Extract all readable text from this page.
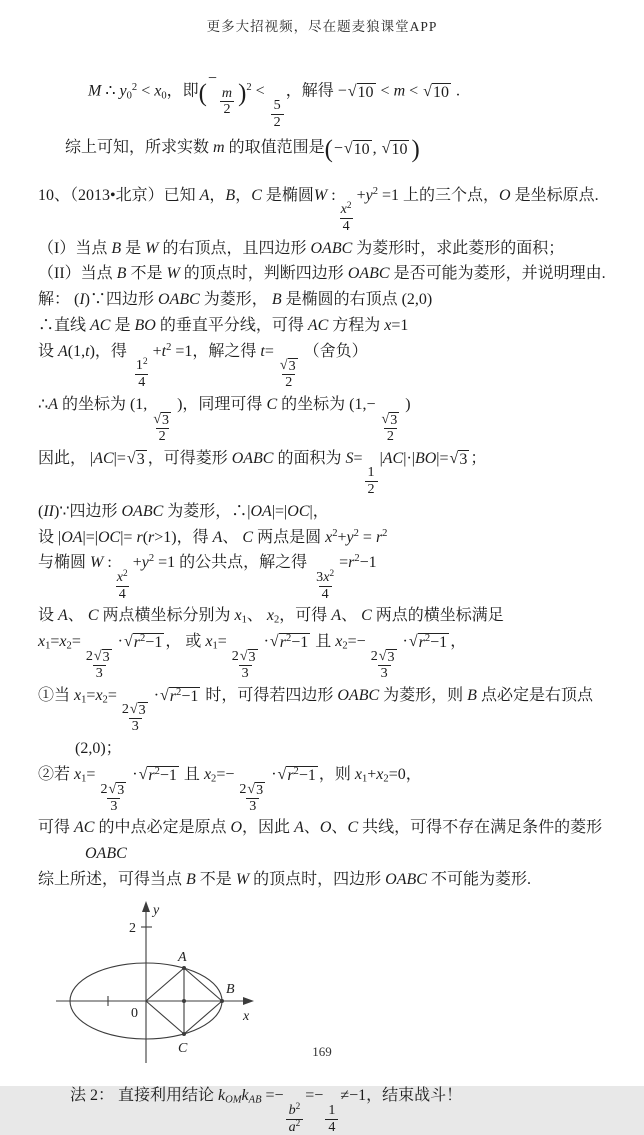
更多大招视频，尽在题麦狼课堂APP
M ∴ $y_0^2 < x_0$，即 (
−
$\frac{m}{2}$ ) $^2$ <
$\frac{5}{2}$
，解得 − √ 10 < m < √ 10 .
综上可知，所求实数 m 的取值范围是 ( − √ 10 , √ 10 )
10、（2013•北京）已知 A，B，C 是椭圆W :
$\frac{x^2}{4}$
$+y^2 =1$ 上的三个点，O 是坐标原点.
（I）当点 B 是 W 的右顶点，且四边形 OABC 为菱形时，求此菱形的面积；
（II）当点 B 不是 W 的顶点时，判断四边形 OABC 是否可能为菱形，并说明理由.
解： (I)∵四边形 OABC 为菱形， B 是椭圆的右顶点 (2,0)
∴直线 AC 是 BO 的垂直平分线，可得 AC 方程为 x=1
设 A(1,t)，得
$\frac{1^2}{4}$
$+t^2 =1$，解之得 t=
$\frac{√ 3}{2}$
（舍负）
∴A 的坐标为 (1,
$\frac{√ 3}{2}$
)，同理可得 C 的坐标为 (1,−
$\frac{√ 3}{2}$
)
因此， |AC|= √ 3 ，可得菱形 OABC 的面积为 S=
$\frac{1}{2}$
|AC|·|BO|= √ 3 ；
(II)∵四边形 OABC 为菱形，∴|OA|=|OC|，
设 |OA|=|OC|= r(r>1)，得 A、 C 两点是圆 $x^2+y^2 = r^2$
与椭圆 W :
$\frac{x^2}{4}$
$+y^2 =1$ 的公共点，解之得
$\frac{3x^2}{4}$
$=r^2-1$
设 A、 C 两点横坐标分别为 $x_1$、 $x_2$，可得 A、 C 两点的横坐标满足
$x_1=x_2=$
$\frac{2 √ 3}{3}$
· √ $r^2-1$ ， 或 $x_1=$
$\frac{2 √ 3}{3}$
· √ $r^2-1$ 且 $x_2=-$
$\frac{2 √ 3}{3}$
· √ $r^2-1$ ，
①当 $x_1=x_2=$
$\frac{2 √ 3}{3}$
· √ $r^2-1$ 时，可得若四边形 OABC 为菱形，则 B 点必定是右顶点
(2,0)；
②若 $x_1=$
$\frac{2 √ 3}{3}$
· √ $r^2-1$ 且 $x_2=-$
$\frac{2 √ 3}{3}$
· √ $r^2-1$ ，则 $x_1+x_2=0$，
可得 AC 的中点必定是原点 O，因此 A、O、C 共线，可得不存在满足条件的菱形
OABC
综上所述，可得当点 B 不是 W 的顶点时，四边形 OABC 不可能为菱形.
y
x
2
0
A
B
C
法 2： 直接利用结论 $k_{OM}k_{AB}$ =−
$\frac{b^2}{a^2}$
=−
$\frac{1}{4}$
≠−1，结束战斗！
169
